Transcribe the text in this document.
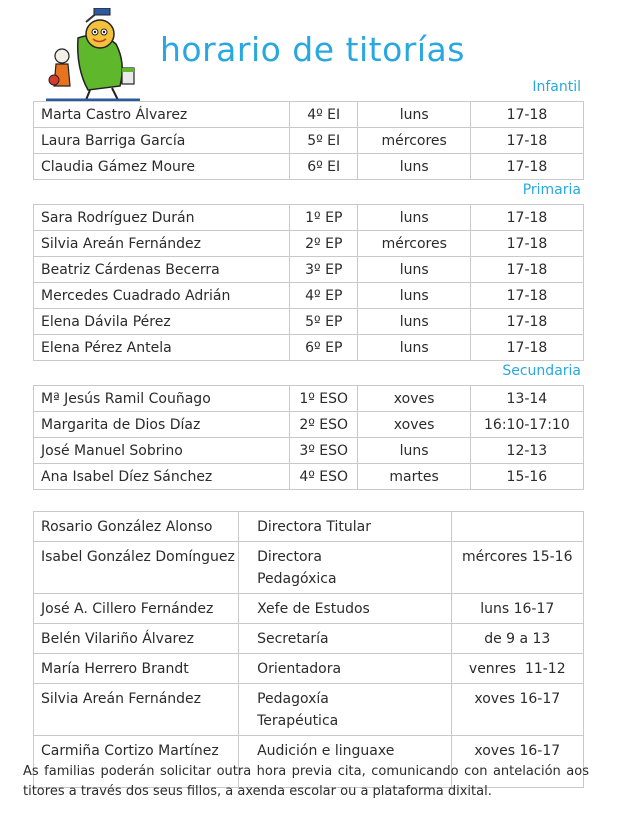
horario de titorías
Infantil
Marta Castro Álvarez	4º EI	luns	17-18
Laura Barriga García	5º EI	mércores	17-18
Claudia Gámez Moure	6º EI	luns	17-18
Primaria
Sara Rodríguez Durán	1º EP	luns	17-18
Silvia Areán Fernández	2º EP	mércores	17-18
Beatriz Cárdenas Becerra	3º EP	luns	17-18
Mercedes Cuadrado Adrián	4º EP	luns	17-18
Elena Dávila Pérez	5º EP	luns	17-18
Elena Pérez Antela	6º EP	luns	17-18
Secundaria
Mª Jesús Ramil Couñago	1º ESO	xoves	13-14
Margarita de Dios Díaz	2º ESO	xoves	16:10-17:10
José Manuel Sobrino	3º ESO	luns	12-13
Ana Isabel Díez Sánchez	4º ESO	martes	15-16
Rosario González Alonso	Directora Titular	
Isabel González Domínguez	Directora Pedagóxica	mércores 15-16
José A. Cillero Fernández	Xefe de Estudos	luns 16-17
Belén Vilariño Álvarez	Secretaría	de 9 a 13
María Herrero Brandt	Orientadora	venres  11-12
Silvia Areán Fernández	Pedagoxía Terapéutica	xoves 16-17
Carmiña Cortizo Martínez	Audición e linguaxe	xoves 16-17
As familias poderán solicitar outra hora previa cita, comunicando con antelación aos titores a través dos seus fillos, a axenda escolar ou a plataforma dixital.
